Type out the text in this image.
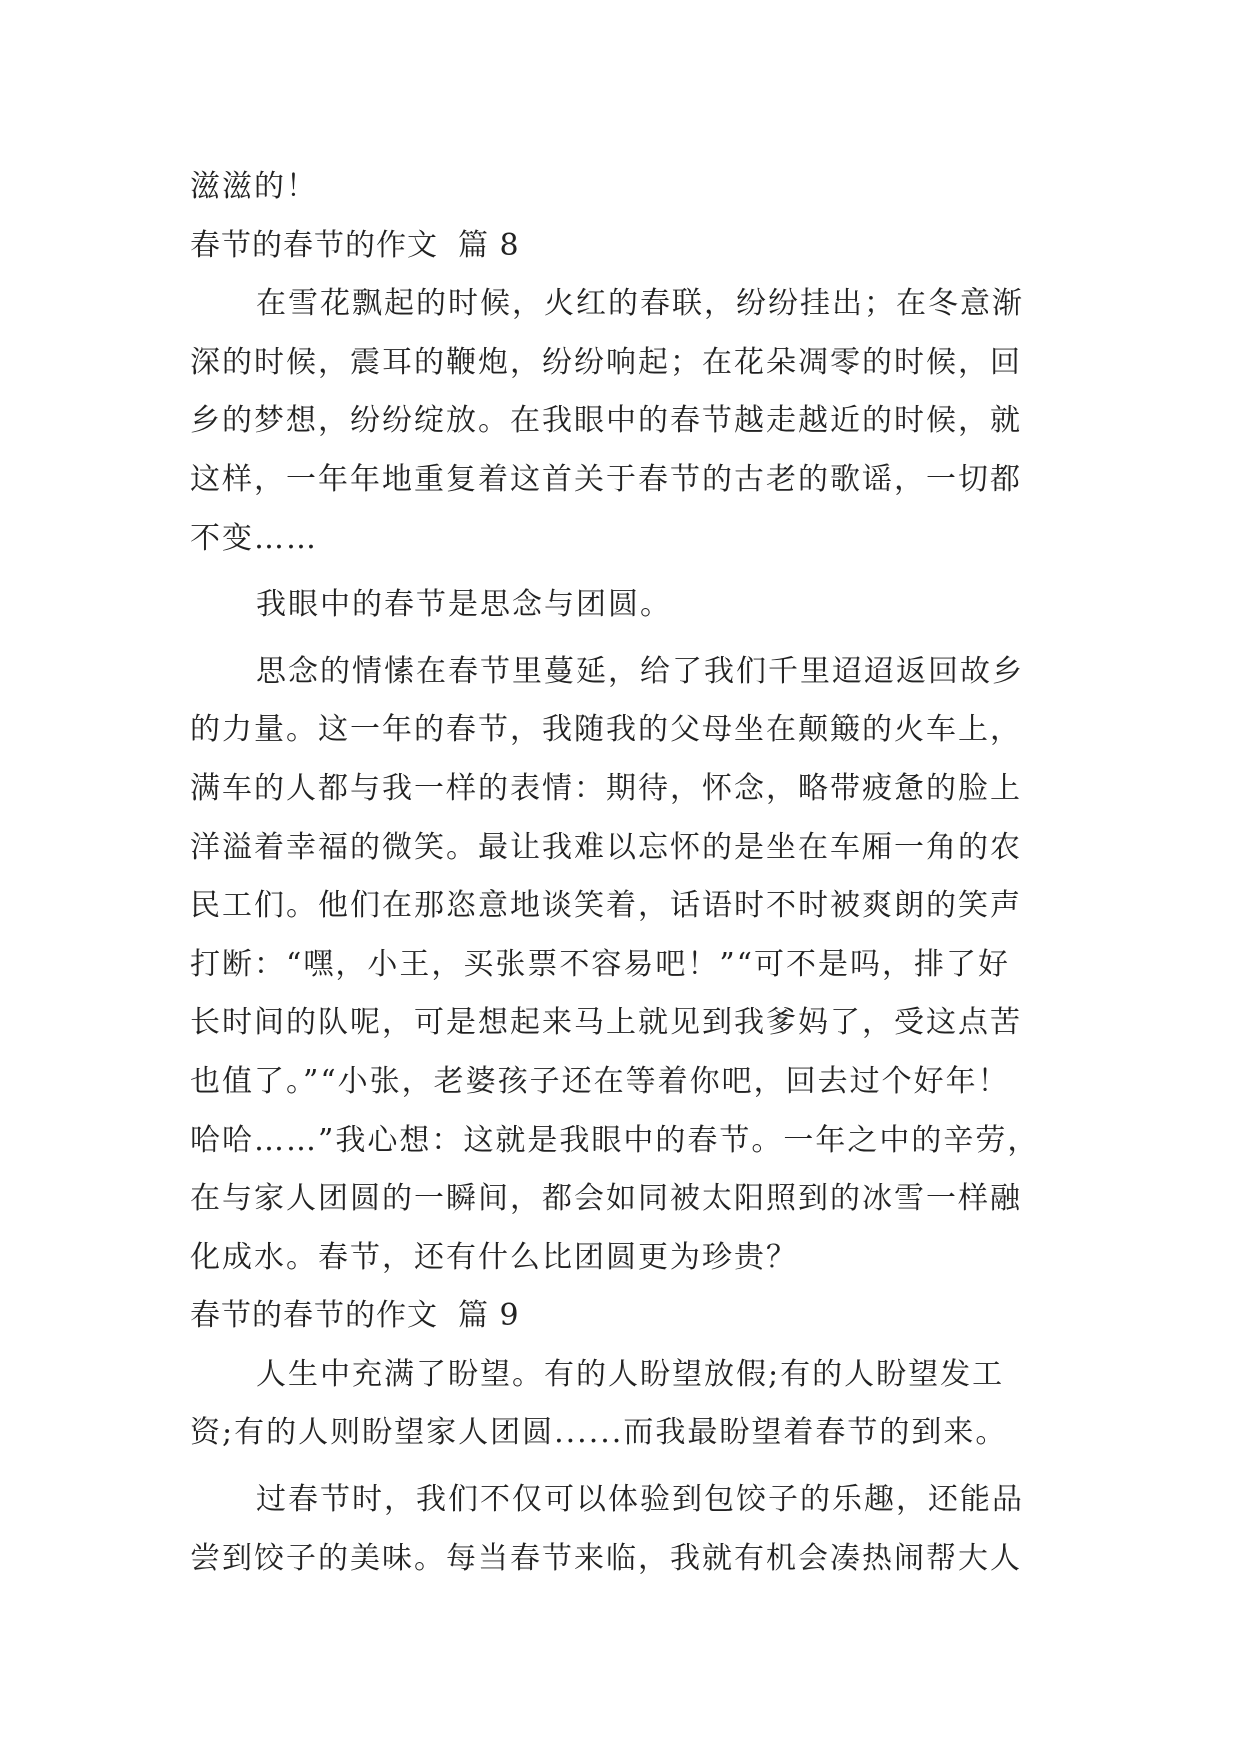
滋滋的！
春节的春节的作文 篇 8
在雪花飘起的时候，火红的春联，纷纷挂出；在冬意渐
深的时候，震耳的鞭炮，纷纷响起；在花朵凋零的时候，回
乡的梦想，纷纷绽放。在我眼中的春节越走越近的时候，就
这样，一年年地重复着这首关于春节的古老的歌谣，一切都
不变……
我眼中的春节是思念与团圆。
思念的情愫在春节里蔓延，给了我们千里迢迢返回故乡
的力量。这一年的春节，我随我的父母坐在颠簸的火车上，
满车的人都与我一样的表情：期待，怀念，略带疲惫的脸上
洋溢着幸福的微笑。最让我难以忘怀的是坐在车厢一角的农
民工们。他们在那恣意地谈笑着，话语时不时被爽朗的笑声
打断：“嘿，小王，买张票不容易吧！”“可不是吗，排了好
长时间的队呢，可是想起来马上就见到我爹妈了，受这点苦
也值了。”“小张，老婆孩子还在等着你吧，回去过个好年！
哈哈……”我心想：这就是我眼中的春节。一年之中的辛劳，
在与家人团圆的一瞬间，都会如同被太阳照到的冰雪一样融
化成水。春节，还有什么比团圆更为珍贵？
春节的春节的作文 篇 9
人生中充满了盼望。有的人盼望放假;有的人盼望发工
资;有的人则盼望家人团圆......而我最盼望着春节的到来。
过春节时，我们不仅可以体验到包饺子的乐趣，还能品
尝到饺子的美味。每当春节来临，我就有机会凑热闹帮大人
